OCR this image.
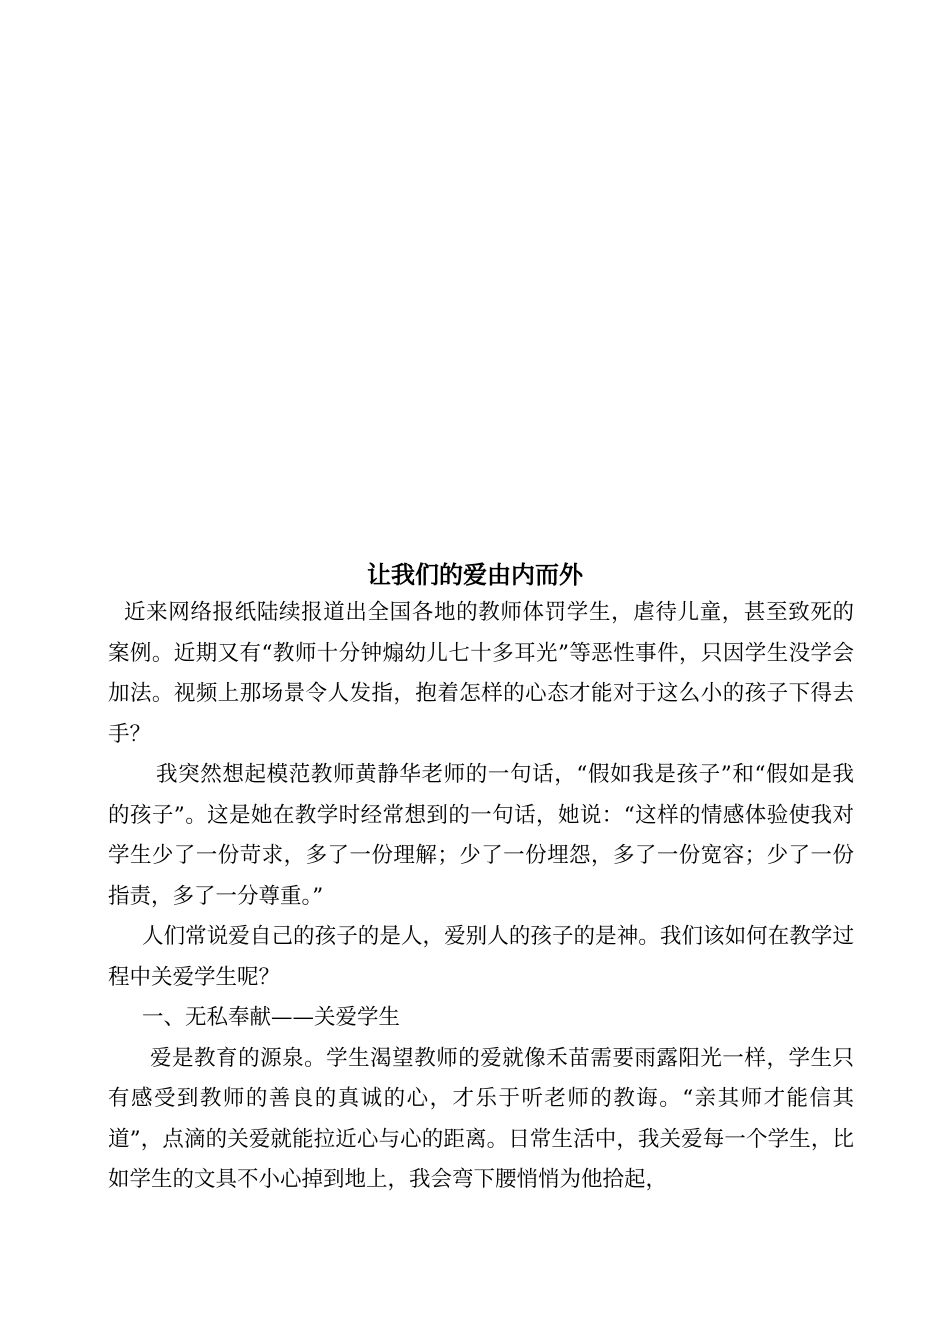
让我们的爱由内而外

近来网络报纸陆续报道出全国各地的教师体罚学生，虐待儿童，甚至致死的案例。近期又有“教师十分钟煽幼儿七十多耳光”等恶性事件，只因学生没学会加法。视频上那场景令人发指，抱着怎样的心态才能对于这么小的孩子下得去手？

我突然想起模范教师黄静华老师的一句话，“假如我是孩子”和“假如是我的孩子”。这是她在教学时经常想到的一句话，她说：“这样的情感体验使我对学生少了一份苛求，多了一份理解；少了一份埋怨，多了一份宽容；少了一份指责，多了一分尊重。”

人们常说爱自己的孩子的是人，爱别人的孩子的是神。我们该如何在教学过程中关爱学生呢？

一、无私奉献——关爱学生

爱是教育的源泉。学生渴望教师的爱就像禾苗需要雨露阳光一样，学生只有感受到教师的善良的真诚的心，才乐于听老师的教诲。“亲其师才能信其道”，点滴的关爱就能拉近心与心的距离。日常生活中，我关爱每一个学生，比如学生的文具不小心掉到地上，我会弯下腰悄悄为他拾起，
